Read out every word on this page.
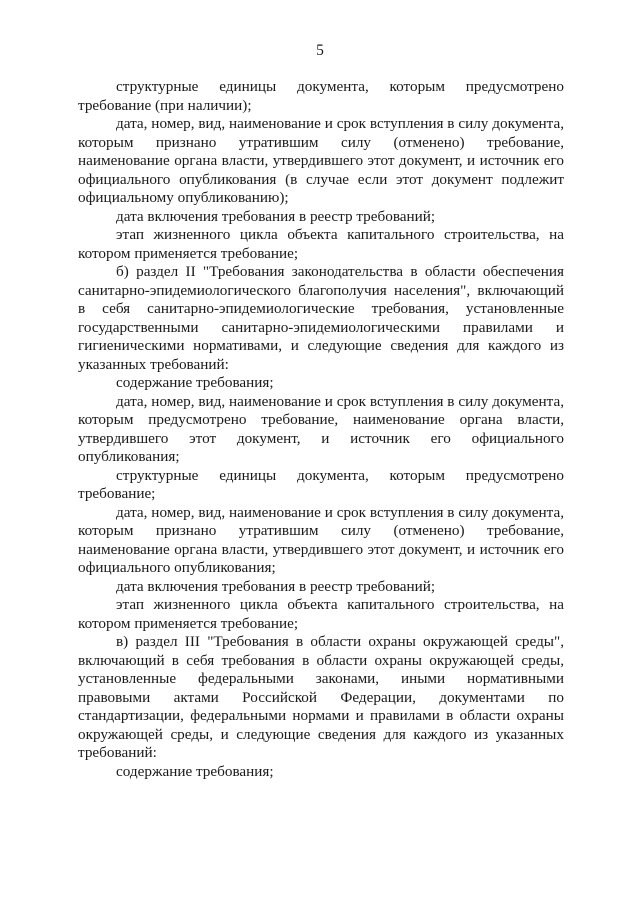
5

структурные единицы документа, которым предусмотрено требование (при наличии);

дата, номер, вид, наименование и срок вступления в силу документа, которым признано утратившим силу (отменено) требование, наименование органа власти, утвердившего этот документ, и источник его официального опубликования (в случае если этот документ подлежит официальному опубликованию);

дата включения требования в реестр требований;

этап жизненного цикла объекта капитального строительства, на котором применяется требование;

б) раздел II "Требования законодательства в области обеспечения санитарно-эпидемиологического благополучия населения", включающий в себя санитарно-эпидемиологические требования, установленные государственными санитарно-эпидемиологическими правилами и гигиеническими нормативами, и следующие сведения для каждого из указанных требований:

содержание требования;

дата, номер, вид, наименование и срок вступления в силу документа, которым предусмотрено требование, наименование органа власти, утвердившего этот документ, и источник его официального опубликования;

структурные единицы документа, которым предусмотрено требование;

дата, номер, вид, наименование и срок вступления в силу документа, которым признано утратившим силу (отменено) требование, наименование органа власти, утвердившего этот документ, и источник его официального опубликования;

дата включения требования в реестр требований;

этап жизненного цикла объекта капитального строительства, на котором применяется требование;

в) раздел III "Требования в области охраны окружающей среды", включающий в себя требования в области охраны окружающей среды, установленные федеральными законами, иными нормативными правовыми актами Российской Федерации, документами по стандартизации, федеральными нормами и правилами в области охраны окружающей среды, и следующие сведения для каждого из указанных требований:

содержание требования;
